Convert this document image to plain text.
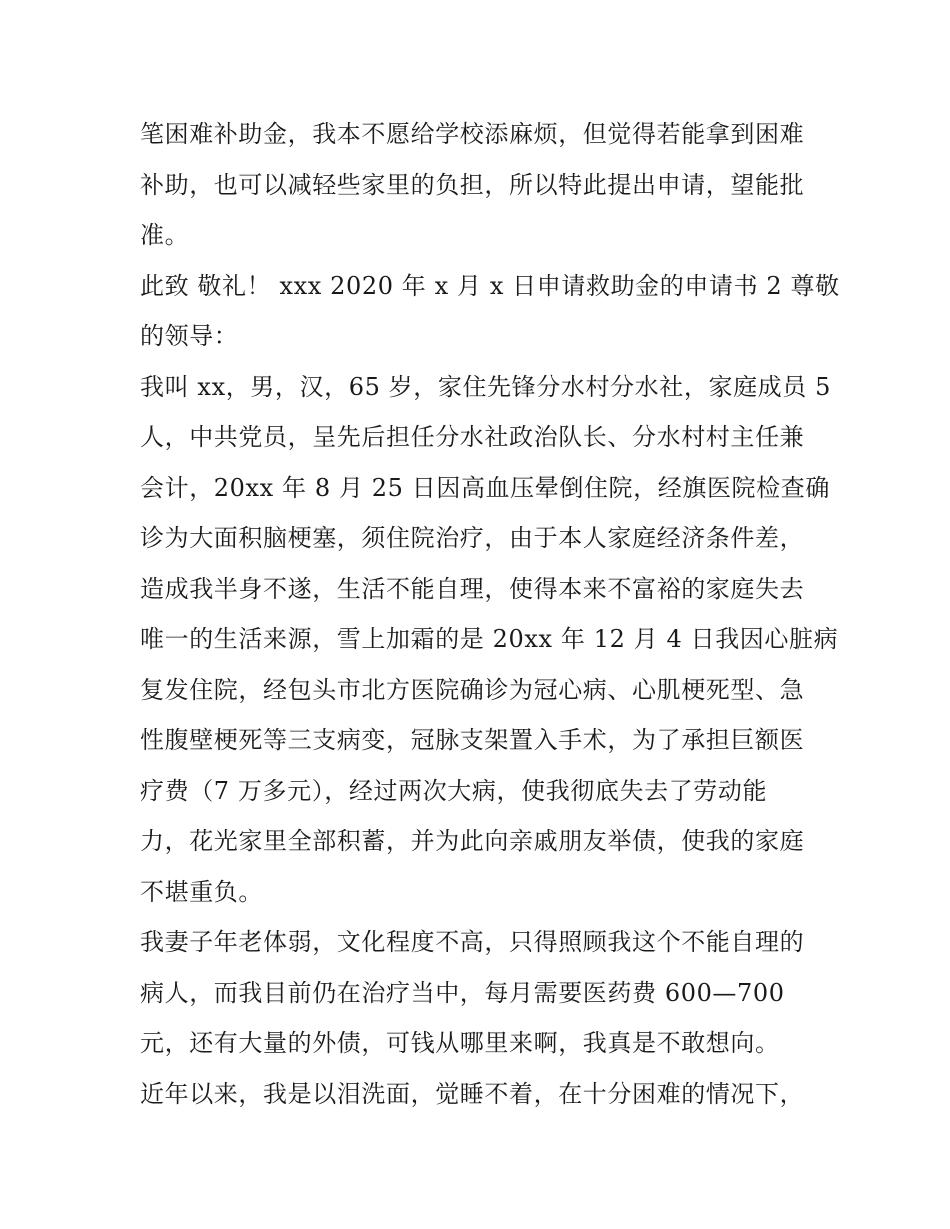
笔困难补助金，我本不愿给学校添麻烦，但觉得若能拿到困难
补助，也可以减轻些家里的负担，所以特此提出申请，望能批
准。
此致 敬礼！ xxx 2020 年 x 月 x 日申请救助金的申请书 2 尊敬
的领导：
我叫 xx，男，汉，65 岁，家住先锋分水村分水社，家庭成员 5
人，中共党员，呈先后担任分水社政治队长、分水村村主任兼
会计，20xx 年 8 月 25 日因高血压晕倒住院，经旗医院检查确
诊为大面积脑梗塞，须住院治疗，由于本人家庭经济条件差，
造成我半身不遂，生活不能自理，使得本来不富裕的家庭失去
唯一的生活来源，雪上加霜的是 20xx 年 12 月 4 日我因心脏病
复发住院，经包头市北方医院确诊为冠心病、心肌梗死型、急
性腹壁梗死等三支病变，冠脉支架置入手术，为了承担巨额医
疗费（7 万多元），经过两次大病，使我彻底失去了劳动能
力，花光家里全部积蓄，并为此向亲戚朋友举债，使我的家庭
不堪重负。
我妻子年老体弱，文化程度不高，只得照顾我这个不能自理的
病人，而我目前仍在治疗当中，每月需要医药费 600—700
元，还有大量的外债，可钱从哪里来啊，我真是不敢想向。
近年以来，我是以泪洗面，觉睡不着，在十分困难的情况下，
